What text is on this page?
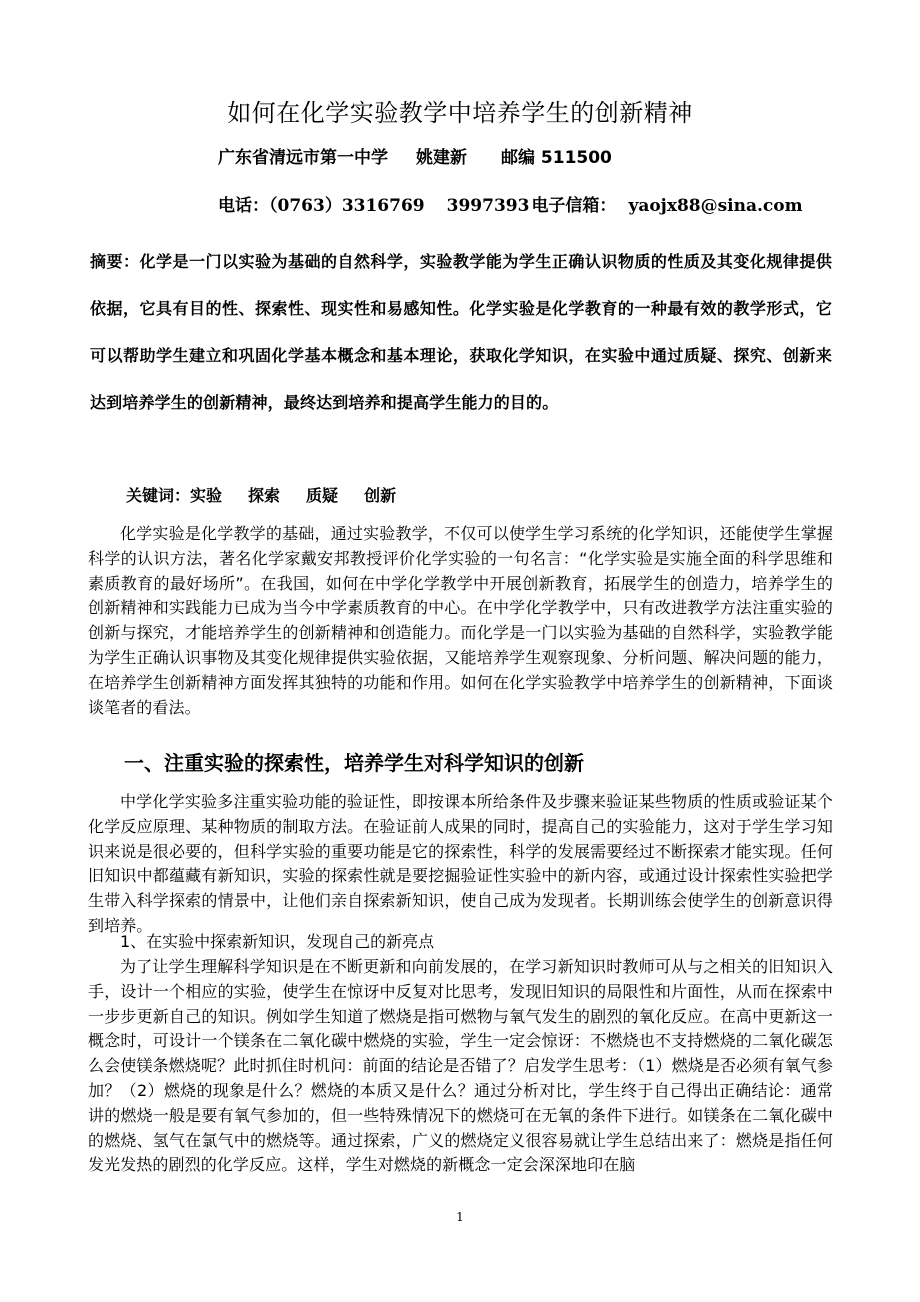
如何在化学实验教学中培养学生的创新精神
广东省清远市第一中学 姚建新 邮编 511500
电话：（0763）3316769 3997393 电子信箱： yaojx88@sina.com

摘要：化学是一门以实验为基础的自然科学，实验教学能为学生正确认识物质的性质及其变化规律提供依据，它具有目的性、探索性、现实性和易感知性。化学实验是化学教育的一种最有效的教学形式，它可以帮助学生建立和巩固化学基本概念和基本理论，获取化学知识，在实验中通过质疑、探究、创新来达到培养学生的创新精神，最终达到培养和提高学生能力的目的。

关键词：实验 探索 质疑 创新

化学实验是化学教学的基础，通过实验教学，不仅可以使学生学习系统的化学知识，还能使学生掌握科学的认识方法，著名化学家戴安邦教授评价化学实验的一句名言：“化学实验是实施全面的科学思维和素质教育的最好场所”。在我国，如何在中学化学教学中开展创新教育，拓展学生的创造力，培养学生的创新精神和实践能力已成为当今中学素质教育的中心。在中学化学教学中，只有改进教学方法注重实验的创新与探究，才能培养学生的创新精神和创造能力。而化学是一门以实验为基础的自然科学，实验教学能为学生正确认识事物及其变化规律提供实验依据，又能培养学生观察现象、分析问题、解决问题的能力，在培养学生创新精神方面发挥其独特的功能和作用。如何在化学实验教学中培养学生的创新精神，下面谈谈笔者的看法。

一、注重实验的探索性，培养学生对科学知识的创新

中学化学实验多注重实验功能的验证性，即按课本所给条件及步骤来验证某些物质的性质或验证某个化学反应原理、某种物质的制取方法。在验证前人成果的同时，提高自己的实验能力，这对于学生学习知识来说是很必要的，但科学实验的重要功能是它的探索性，科学的发展需要经过不断探索才能实现。任何旧知识中都蕴藏有新知识，实验的探索性就是要挖掘验证性实验中的新内容，或通过设计探索性实验把学生带入科学探索的情景中，让他们亲自探索新知识，使自己成为发现者。长期训练会使学生的创新意识得到培养。

1、在实验中探索新知识，发现自己的新亮点

为了让学生理解科学知识是在不断更新和向前发展的，在学习新知识时教师可从与之相关的旧知识入手，设计一个相应的实验，使学生在惊讶中反复对比思考，发现旧知识的局限性和片面性，从而在探索中一步步更新自己的知识。例如学生知道了燃烧是指可燃物与氧气发生的剧烈的氧化反应。在高中更新这一概念时，可设计一个镁条在二氧化碳中燃烧的实验，学生一定会惊讶：不燃烧也不支持燃烧的二氧化碳怎么会使镁条燃烧呢？此时抓住时机问：前面的结论是否错了？启发学生思考：（1）燃烧是否必须有氧气参加？（2）燃烧的现象是什么？燃烧的本质又是什么？通过分析对比，学生终于自己得出正确结论：通常讲的燃烧一般是要有氧气参加的，但一些特殊情况下的燃烧可在无氧的条件下进行。如镁条在二氧化碳中的燃烧、氢气在氯气中的燃烧等。通过探索，广义的燃烧定义很容易就让学生总结出来了：燃烧是指任何发光发热的剧烈的化学反应。这样，学生对燃烧的新概念一定会深深地印在脑

1
